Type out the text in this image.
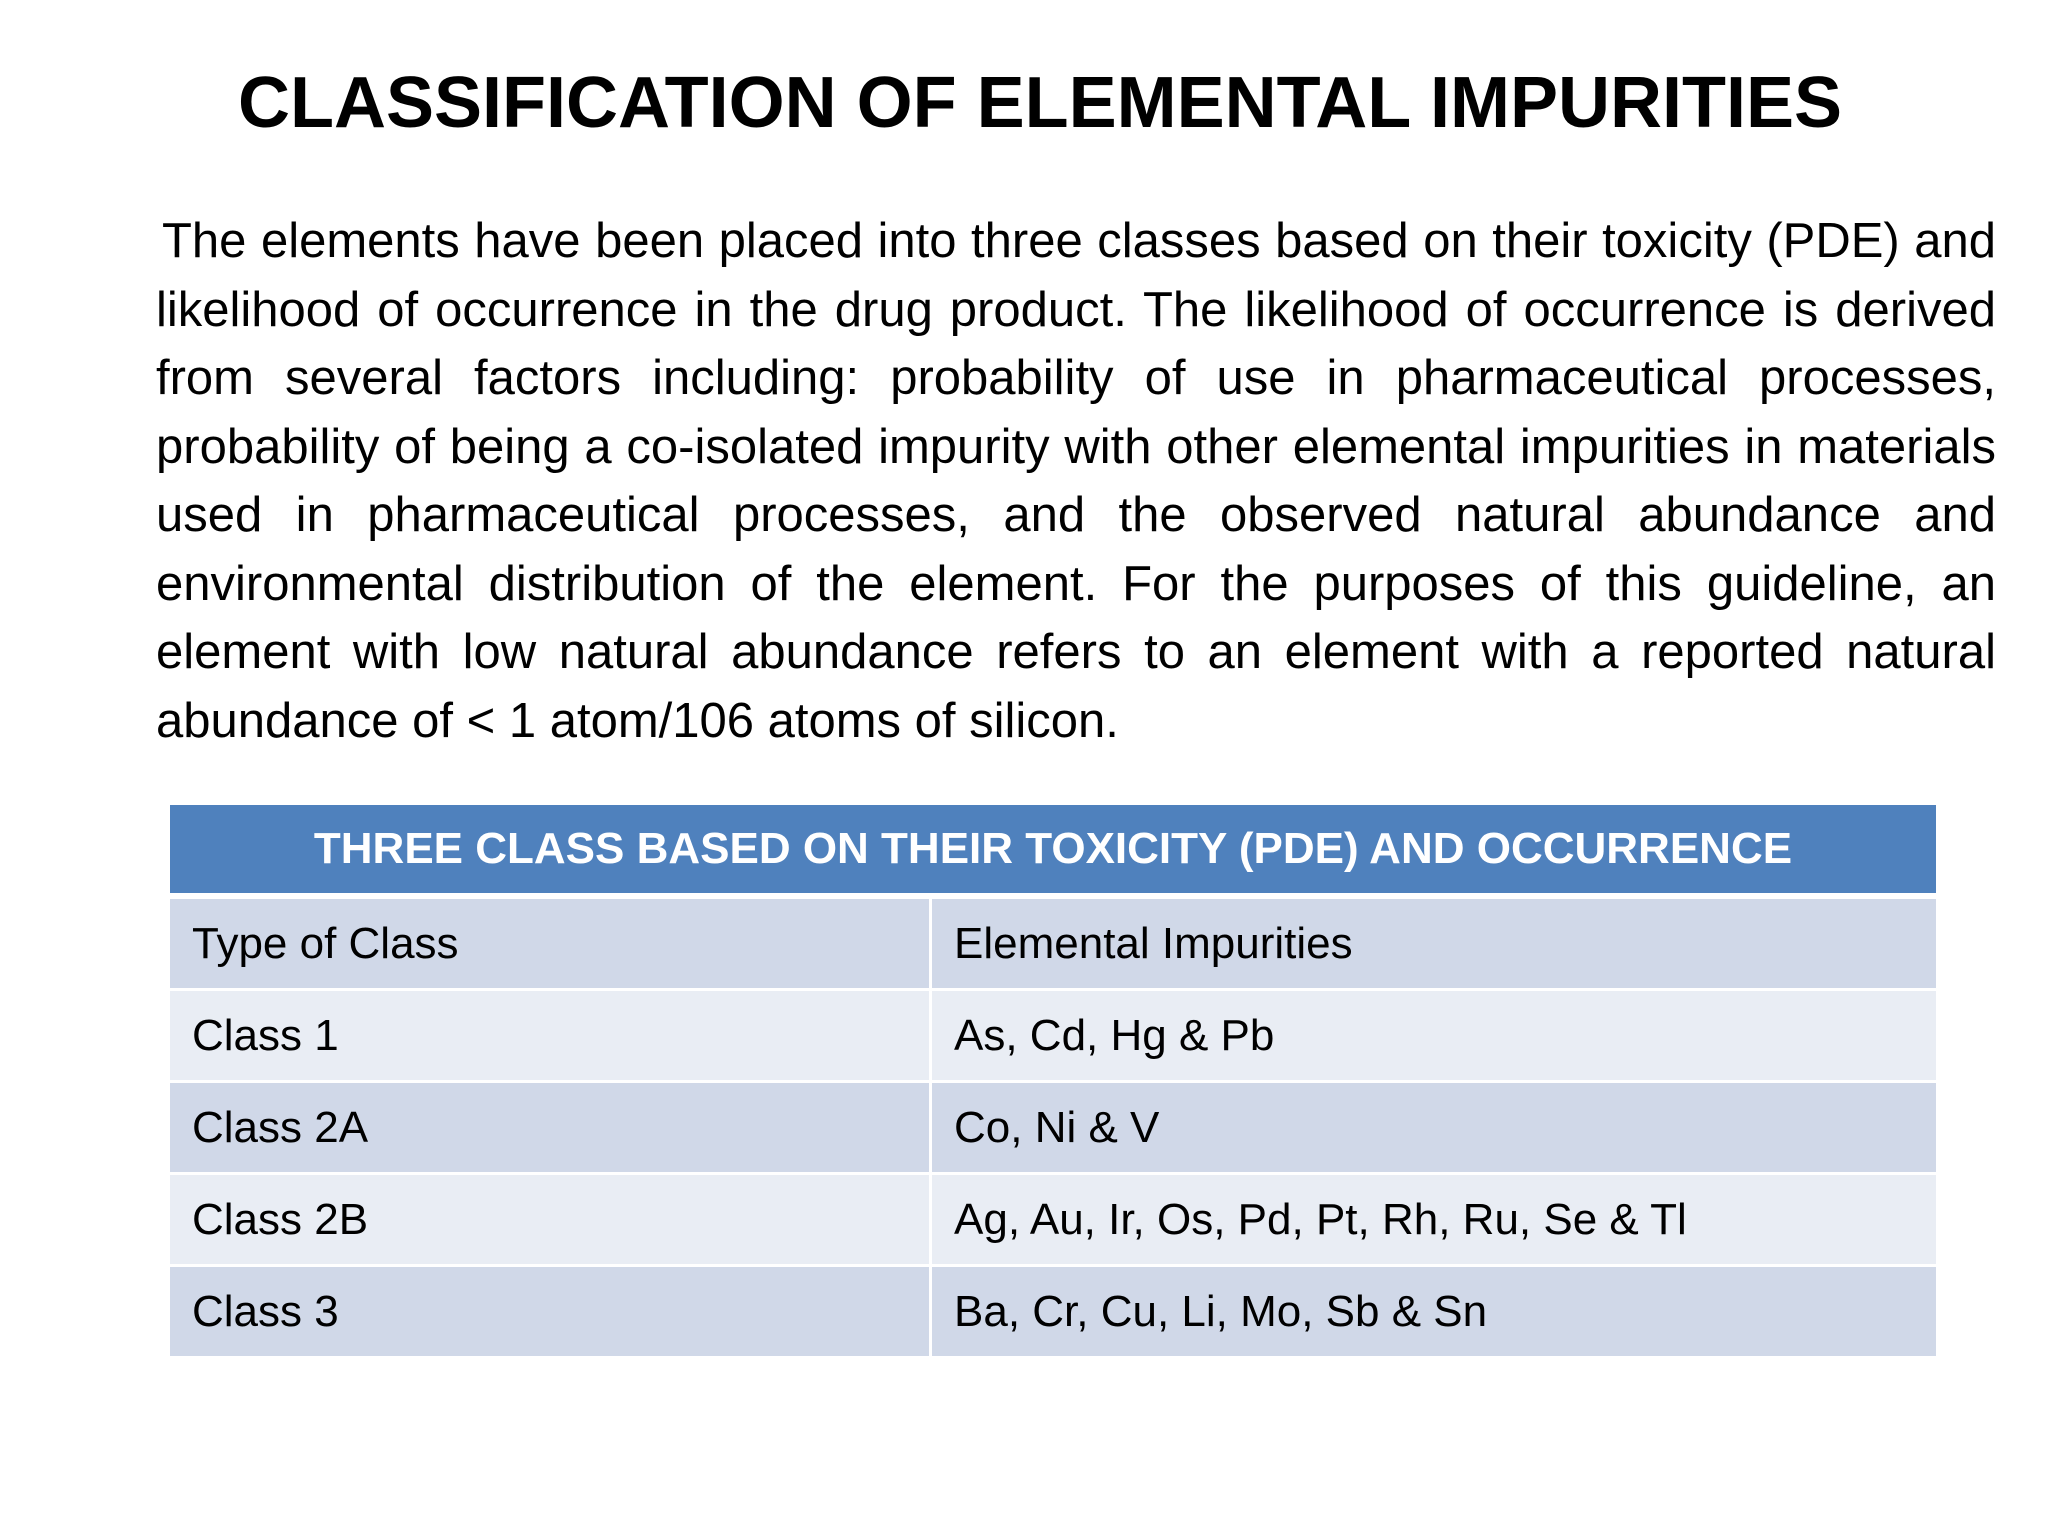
CLASSIFICATION OF ELEMENTAL IMPURITIES
The elements have been placed into three classes based on their toxicity (PDE) and likelihood of occurrence in the drug product. The likelihood of occurrence is derived from several factors including: probability of use in pharmaceutical processes, probability of being a co-isolated impurity with other elemental impurities in materials used in pharmaceutical processes, and the observed natural abundance and environmental distribution of the element. For the purposes of this guideline, an element with low natural abundance refers to an element with a reported natural abundance of < 1 atom/106 atoms of silicon.
THREE CLASS BASED ON THEIR TOXICITY (PDE) AND OCCURRENCE
Type of Class	Elemental Impurities
Class 1	As, Cd, Hg & Pb
Class 2A	Co, Ni & V
Class 2B	Ag, Au, Ir, Os, Pd, Pt, Rh, Ru, Se & Tl
Class 3	Ba, Cr, Cu, Li, Mo, Sb & Sn
